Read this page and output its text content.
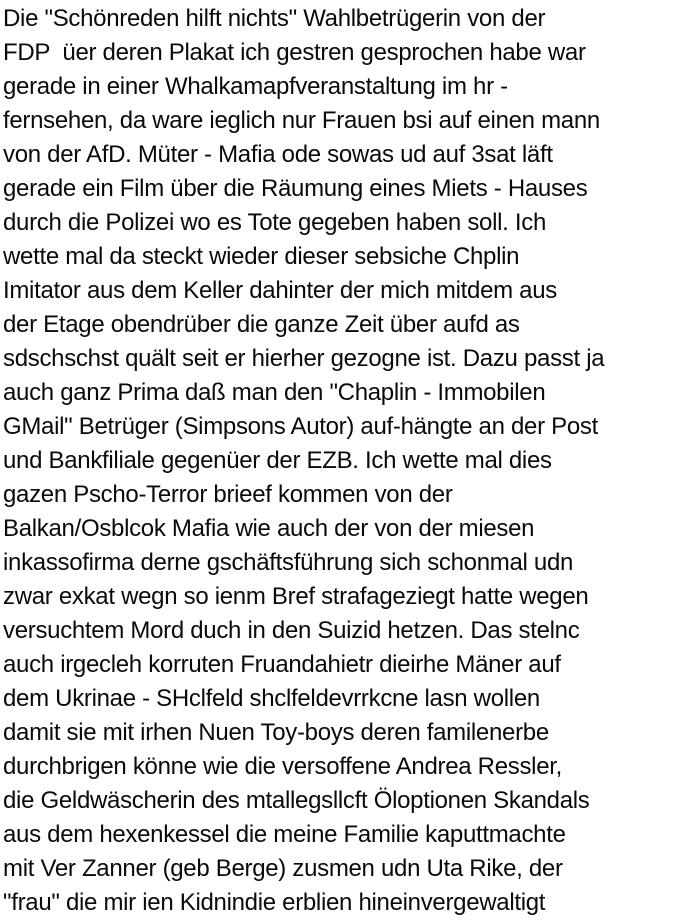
Die "Schönreden hilft nichts" Wahlbetrügerin von der
FDP  üer deren Plakat ich gestren gesprochen habe war
gerade in einer Whalkamapfveranstaltung im hr -
fernsehen, da ware ieglich nur Frauen bsi auf einen mann
von der AfD. Müter - Mafia ode sowas ud auf 3sat läft
gerade ein Film über die Räumung eines Miets - Hauses
durch die Polizei wo es Tote gegeben haben soll. Ich
wette mal da steckt wieder dieser sebsiche Chplin
Imitator aus dem Keller dahinter der mich mitdem aus
der Etage obendrüber die ganze Zeit über aufd as
sdschschst quält seit er hierher gezogne ist. Dazu passt ja
auch ganz Prima daß man den "Chaplin - Immobilen
GMail" Betrüger (Simpsons Autor) auf-hängte an der Post
und Bankfiliale gegenüer der EZB. Ich wette mal dies
gazen Pscho-Terror brieef kommen von der
Balkan/Osblcok Mafia wie auch der von der miesen
inkassofirma derne gschäftsführung sich schonmal udn
zwar exkat wegn so ienm Bref strafageziegt hatte wegen
versuchtem Mord duch in den Suizid hetzen. Das stelnc
auch irgecleh korruten Fruandahietr dieirhe Mäner auf
dem Ukrinae - SHclfeld shclfeldevrrkcne lasn wollen
damit sie mit irhen Nuen Toy-boys deren familenerbe
durchbrigen könne wie die versoffene Andrea Ressler,
die Geldwäscherin des mtallegsllcft Öloptionen Skandals
aus dem hexenkessel die meine Familie kaputtmachte
mit Ver Zanner (geb Berge) zusmen udn Uta Rike, der
"frau" die mir ien Kidnindie erblien hineinvergewaltigt
